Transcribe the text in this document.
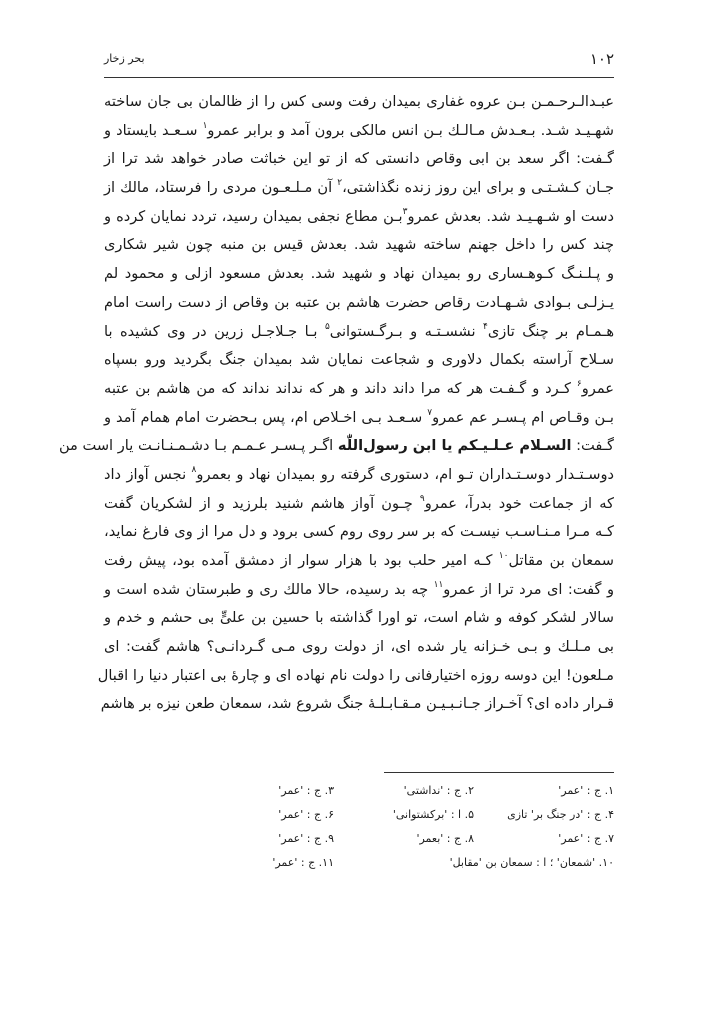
۱۰۲
بحر زخار
عبـدالـرحـمـن بـن عروه غفاری بمیدان رفت وسی کس را از ظالمان بی جان ساخته
شهـیـد شـد. بـعـدش مـالـك بـن انس مالكی برون آمد و برابر عمرو$^۱$ سـعـد بایستاد و
گـفت: اگر سعد بن ابی وقاص دانستی كه از تو این خباثت صادر خواهد شد ترا از
جـان كـشـتـی و برای این روز زنده نگذاشتی،$^۲$ آن مـلـعـون مردی را فرستاد، مالك از
دست او شـهـیـد شد. بعدش عمرو$^۳$بـن مطاع نجفی بمیدان رسید، تردد نمایان كرده و
چند كس را داخل جهنم ساخته شهید شد. بعدش قیس بن منبه چون شیر شكاری
و پـلـنـگ كـوهـساری رو بمیدان نهاد و شهید شد. بعدش مسعود ازلی و محمود لم
یـزلـی بـوادی شـهـادت رقاص حضرت هاشم بن عتبه بن وقاص از دست راست امام
هـمـام بر چنگ تازی$^۴$ نشسـتـه و بـرگـستوانی$^۵$ بـا جـلاجـل زرین در وی كشیده با
سـلاح آراسته بكمال دلاوری و شجاعت نمایان شد بمیدان جنگ بگردید ورو بسپاه
عمرو$^۶$ كـرد و گـفـت هر كه مرا داند داند و هر كه نداند نداند كه من هاشم بن عتبه
بـن وقـاص ام پـسـر عم عمرو$^۷$ سـعـد بـی اخـلاص ام، پس بـحضرت امام همام آمد و
گـفت: السـلام عـلـیـكم یا ابن رسول‌اللّٰه اگـر پـسـر عـمـم بـا دشـمـنـانـت یار است من
دوسـتـدار دوسـتـداران تـو ام، دستوری گرفته رو بمیدان نهاد و بعمرو$^۸$ نجس آواز داد
كه از جماعت خود بدرآ، عمرو$^۹$ چـون آواز هاشم شنید بلرزید و از لشكریان گفت
كـه مـرا مـنـاسـب نیسـت كه بر سر روی روم كسی برود و دل مرا از وی فارغ نماید،
سمعان بن مقاتل$^{۱۰}$ كـه امیر حلب بود با هزار سوار از دمشق آمده بود، پیش رفت
و گفت: ای مرد ترا از عمرو$^{۱۱}$ چه بد رسیده، حالا مالك ری و طبرستان شده است و
سالار لشكر كوفه و شام است، تو اورا گذاشته با حسین بن علیٍّ بی حشم و خدم و
بی مـلـك و بـی خـزانه یار شده ای، از دولت روی مـی گـردانـی؟ هاشم گفت: ای
مـلعون! این دوسه روزه اختیارفانی را دولت نام نهاده ای و چارۀ بی اعتبار دنیا را اقبال
قـرار داده ای؟ آخـراز جـانـبـیـن مـقـابـلـۀ جنگ شروع شد، سمعان طعن نیزه بر هاشم
۱. ج : 'عمر'
۲. ج : 'نداشتی'
۳. ج : 'عمر'
۴. ج : 'در جنگ بر' تازی
۵. ا : 'برکشتوانی'
۶. ج : 'عمر'
۷. ج : 'عمر'
۸. ج : 'بعمر'
۹. ج : 'عمر'
۱۰. 'شمعان' ؛ ا : سمعان بن 'مقابل'
۱۱. ج : 'عمر'
